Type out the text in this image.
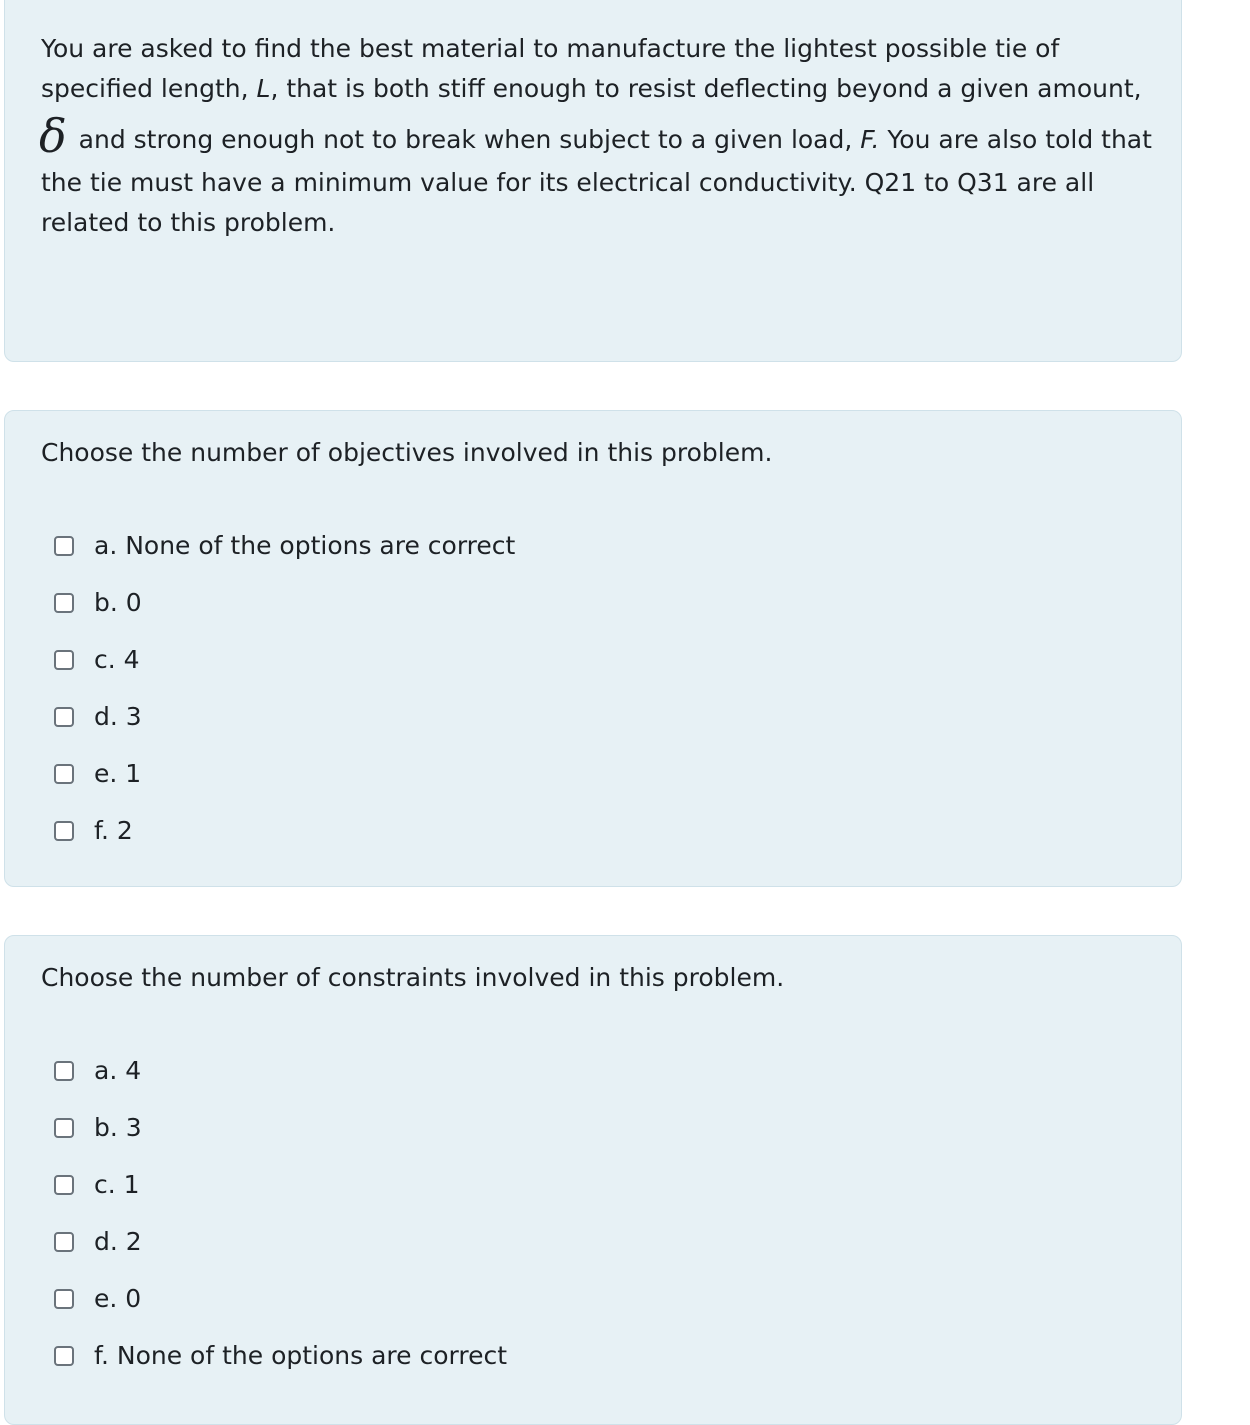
You are asked to find the best material to manufacture the lightest possible tie of
specified length, L, that is both stiff enough to resist deflecting beyond a given amount,
δ and strong enough not to break when subject to a given load, F. You are also told that
the tie must have a minimum value for its electrical conductivity. Q21 to Q31 are all
related to this problem.
Choose the number of objectives involved in this problem.
a. None of the options are correct
b. 0
c. 4
d. 3
e. 1
f. 2
Choose the number of constraints involved in this problem.
a. 4
b. 3
c. 1
d. 2
e. 0
f. None of the options are correct
